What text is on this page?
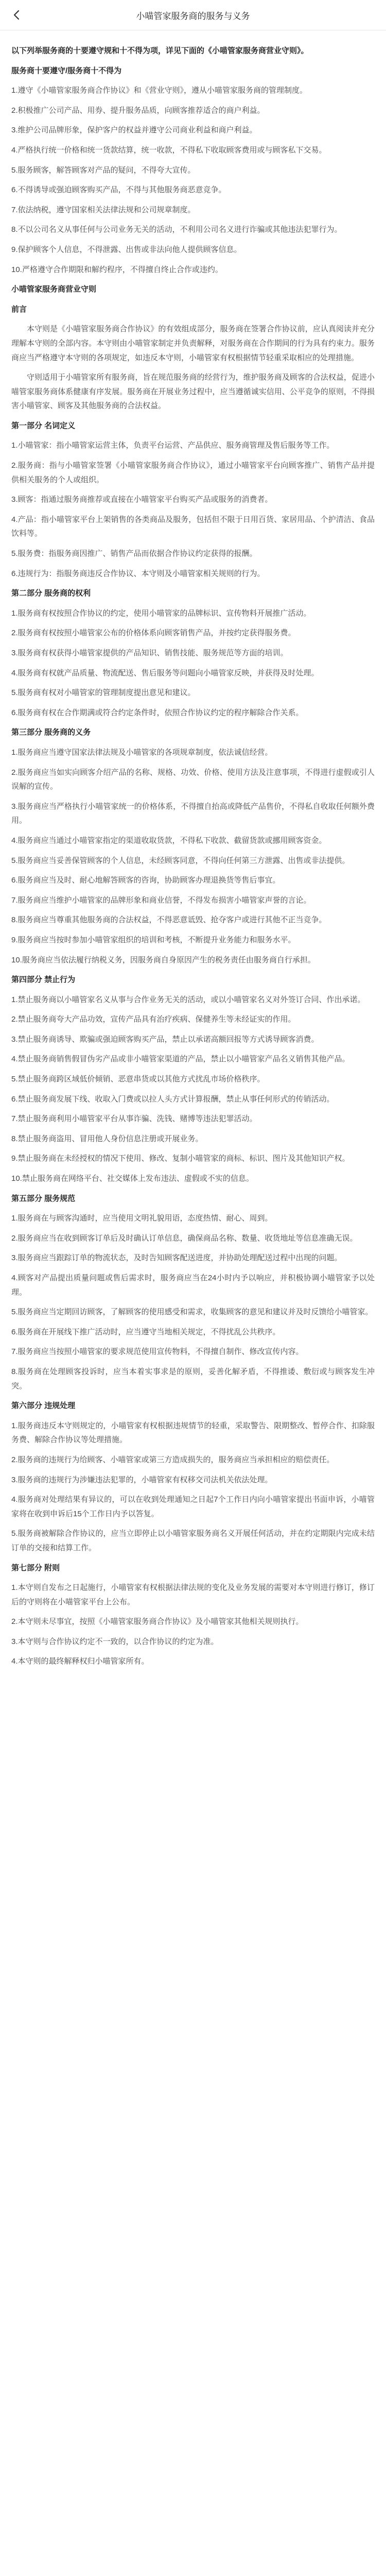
小喵管家服务商的服务与义务

以下列举服务商的十要遵守规和十不得为项，详见下面的《小喵管家服务商营业守则》。

服务商十要遵守/服务商十不得为

1.遵守《小喵管家服务商合作协议》和《营业守则》，遵从小喵管家服务商的管理制度。

2.积极推广公司产品、用券、提升服务品质，向顾客推荐适合的商户利益。

3.维护公司品牌形象，保护客户的权益并遵守公司商业利益和商户利益。

4.严格执行统一价格和统一货款结算，统一收款，不得私下收取顾客费用或与顾客私下交易。

5.服务顾客，解答顾客对产品的疑问，不得夸大宣传。

6.不得诱导或强迫顾客购买产品，不得与其他服务商恶意竞争。

7.依法纳税，遵守国家相关法律法规和公司规章制度。

8.不以公司名义从事任何与公司业务无关的活动，不利用公司名义进行诈骗或其他违法犯罪行为。

9.保护顾客个人信息，不得泄露、出售或非法向他人提供顾客信息。

10.严格遵守合作期限和解约程序，不得擅自终止合作或违约。

小喵管家服务商营业守则

前言

本守则是《小喵管家服务商合作协议》的有效组成部分，服务商在签署合作协议前，应认真阅读并充分理解本守则的全部内容。本守则由小喵管家制定并负责解释，对服务商在合作期间的行为具有约束力。服务商应当严格遵守本守则的各项规定，如违反本守则，小喵管家有权根据情节轻重采取相应的处理措施。

守则适用于小喵管家所有服务商，旨在规范服务商的经营行为，维护服务商及顾客的合法权益，促进小喵管家服务商体系健康有序发展。服务商在开展业务过程中，应当遵循诚实信用、公平竞争的原则，不得损害小喵管家、顾客及其他服务商的合法权益。

第一部分 名词定义

1.小喵管家：指小喵管家运营主体，负责平台运营、产品供应、服务商管理及售后服务等工作。

2.服务商：指与小喵管家签署《小喵管家服务商合作协议》，通过小喵管家平台向顾客推广、销售产品并提供相关服务的个人或组织。

3.顾客：指通过服务商推荐或直接在小喵管家平台购买产品或服务的消费者。

4.产品：指小喵管家平台上架销售的各类商品及服务，包括但不限于日用百货、家居用品、个护清洁、食品饮料等。

5.服务费：指服务商因推广、销售产品而依据合作协议约定获得的报酬。

6.违规行为：指服务商违反合作协议、本守则及小喵管家相关规则的行为。

第二部分 服务商的权利

1.服务商有权按照合作协议的约定，使用小喵管家的品牌标识、宣传物料开展推广活动。

2.服务商有权按照小喵管家公布的价格体系向顾客销售产品，并按约定获得服务费。

3.服务商有权获得小喵管家提供的产品知识、销售技能、服务规范等方面的培训。

4.服务商有权就产品质量、物流配送、售后服务等问题向小喵管家反映，并获得及时处理。

5.服务商有权对小喵管家的管理制度提出意见和建议。

6.服务商有权在合作期满或符合约定条件时，依照合作协议约定的程序解除合作关系。

第三部分 服务商的义务

1.服务商应当遵守国家法律法规及小喵管家的各项规章制度，依法诚信经营。

2.服务商应当如实向顾客介绍产品的名称、规格、功效、价格、使用方法及注意事项，不得进行虚假或引人误解的宣传。

3.服务商应当严格执行小喵管家统一的价格体系，不得擅自抬高或降低产品售价，不得私自收取任何额外费用。

4.服务商应当通过小喵管家指定的渠道收取货款，不得私下收款、截留货款或挪用顾客资金。

5.服务商应当妥善保管顾客的个人信息，未经顾客同意，不得向任何第三方泄露、出售或非法提供。

6.服务商应当及时、耐心地解答顾客的咨询，协助顾客办理退换货等售后事宜。

7.服务商应当维护小喵管家的品牌形象和商业信誉，不得发布损害小喵管家声誉的言论。

8.服务商应当尊重其他服务商的合法权益，不得恶意诋毁、抢夺客户或进行其他不正当竞争。

9.服务商应当按时参加小喵管家组织的培训和考核，不断提升业务能力和服务水平。

10.服务商应当依法履行纳税义务，因服务商自身原因产生的税务责任由服务商自行承担。

第四部分 禁止行为

1.禁止服务商以小喵管家名义从事与合作业务无关的活动，或以小喵管家名义对外签订合同、作出承诺。

2.禁止服务商夸大产品功效，宣传产品具有治疗疾病、保健养生等未经证实的作用。

3.禁止服务商诱导、欺骗或强迫顾客购买产品，禁止以承诺高额回报等方式诱导顾客消费。

4.禁止服务商销售假冒伪劣产品或非小喵管家渠道的产品，禁止以小喵管家产品名义销售其他产品。

5.禁止服务商跨区域低价倾销、恶意串货或以其他方式扰乱市场价格秩序。

6.禁止服务商发展下线、收取入门费或以拉人头方式计算报酬，禁止从事任何形式的传销活动。

7.禁止服务商利用小喵管家平台从事诈骗、洗钱、赌博等违法犯罪活动。

8.禁止服务商盗用、冒用他人身份信息注册或开展业务。

9.禁止服务商在未经授权的情况下使用、修改、复制小喵管家的商标、标识、图片及其他知识产权。

10.禁止服务商在网络平台、社交媒体上发布违法、虚假或不实的信息。

第五部分 服务规范

1.服务商在与顾客沟通时，应当使用文明礼貌用语，态度热情、耐心、周到。

2.服务商应当在收到顾客订单后及时确认订单信息，确保商品名称、数量、收货地址等信息准确无误。

3.服务商应当跟踪订单的物流状态，及时告知顾客配送进度，并协助处理配送过程中出现的问题。

4.顾客对产品提出质量问题或售后需求时，服务商应当在24小时内予以响应，并积极协调小喵管家予以处理。

5.服务商应当定期回访顾客，了解顾客的使用感受和需求，收集顾客的意见和建议并及时反馈给小喵管家。

6.服务商在开展线下推广活动时，应当遵守当地相关规定，不得扰乱公共秩序。

7.服务商应当按照小喵管家的要求规范使用宣传物料，不得擅自制作、修改宣传内容。

8.服务商在处理顾客投诉时，应当本着实事求是的原则，妥善化解矛盾，不得推诿、敷衍或与顾客发生冲突。

第六部分 违规处理

1.服务商违反本守则规定的，小喵管家有权根据违规情节的轻重，采取警告、限期整改、暂停合作、扣除服务费、解除合作协议等处理措施。

2.服务商的违规行为给顾客、小喵管家或第三方造成损失的，服务商应当承担相应的赔偿责任。

3.服务商的违规行为涉嫌违法犯罪的，小喵管家有权移交司法机关依法处理。

4.服务商对处理结果有异议的，可以在收到处理通知之日起7个工作日内向小喵管家提出书面申诉，小喵管家将在收到申诉后15个工作日内予以答复。

5.服务商被解除合作协议的，应当立即停止以小喵管家服务商名义开展任何活动，并在约定期限内完成未结订单的交接和结算工作。

第七部分 附则

1.本守则自发布之日起施行，小喵管家有权根据法律法规的变化及业务发展的需要对本守则进行修订，修订后的守则将在小喵管家平台上公布。

2.本守则未尽事宜，按照《小喵管家服务商合作协议》及小喵管家其他相关规则执行。

3.本守则与合作协议约定不一致的，以合作协议的约定为准。

4.本守则的最终解释权归小喵管家所有。
